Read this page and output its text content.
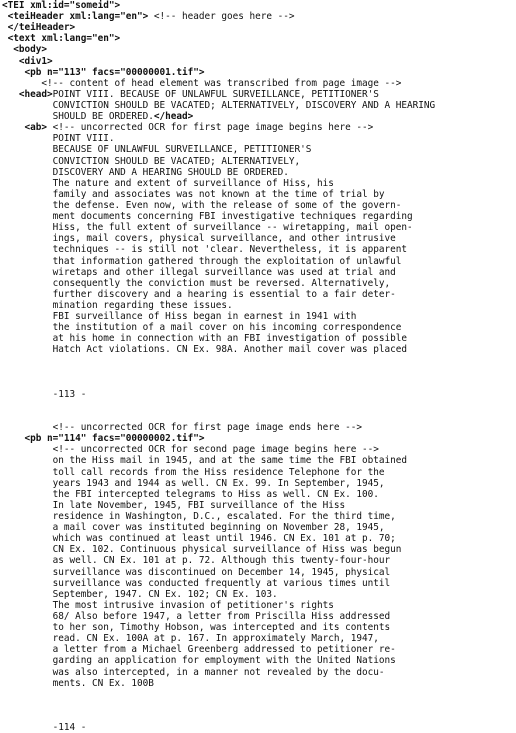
<TEI xml:id="someid">
<teiHeader xml:lang="en"> <!-- header goes here -->
</teiHeader>
<text xml:lang="en">
<body>
<div1>
<pb n="113" facs="00000001.tif">
<!-- content of head element was transcribed from page image -->
<head>POINT VIII. BECAUSE OF UNLAWFUL SURVEILLANCE, PETITIONER'S
CONVICTION SHOULD BE VACATED; ALTERNATIVELY, DISCOVERY AND A HEARING
SHOULD BE ORDERED.</head>
<ab> <!-- uncorrected OCR for first page image begins here -->
POINT VIII.
BECAUSE OF UNLAWFUL SURVEILLANCE, PETITIONER'S
CONVICTION SHOULD BE VACATED; ALTERNATIVELY,
DISCOVERY AND A HEARING SHOULD BE ORDERED.
The nature and extent of surveillance of Hiss, his
family and associates was not known at the time of trial by
the defense. Even now, with the release of some of the govern-
ment documents concerning FBI investigative techniques regarding
Hiss, the full extent of surveillance -- wiretapping, mail open-
ings, mail covers, physical surveillance, and other intrusive
techniques -- is still not 'clear. Nevertheless, it is apparent
that information gathered through the exploitation of unlawful
wiretaps and other illegal surveillance was used at trial and
consequently the conviction must be reversed. Alternatively,
further discovery and a hearing is essential to a fair deter-
mination regarding these issues.
FBI surveillance of Hiss began in earnest in 1941 with
the institution of a mail cover on his incoming correspondence
at his home in connection with an FBI investigation of possible
Hatch Act violations. CN Ex. 98A. Another mail cover was placed
-113 -
<!-- uncorrected OCR for first page image ends here -->
<pb n="114" facs="00000002.tif">
<!-- uncorrected OCR for second page image begins here -->
on the Hiss mail in 1945, and at the same time the FBI obtained
toll call records from the Hiss residence Telephone for the
years 1943 and 1944 as well. CN Ex. 99. In September, 1945,
the FBI intercepted telegrams to Hiss as well. CN Ex. 100.
In late November, 1945, FBI surveillance of the Hiss
residence in Washington, D.C., escalated. For the third time,
a mail cover was instituted beginning on November 28, 1945,
which was continued at least until 1946. CN Ex. 101 at p. 70;
CN Ex. 102. Continuous physical surveillance of Hiss was begun
as well. CN Ex. 101 at p. 72. Although this twenty-four-hour
surveillance was discontinued on December 14, 1945, physical
surveillance was conducted frequently at various times until
September, 1947. CN Ex. 102; CN Ex. 103.
The most intrusive invasion of petitioner's rights
68/ Also before 1947, a letter from Priscilla Hiss addressed
to her son, Timothy Hobson, was intercepted and its contents
read. CN Ex. 100A at p. 167. In approximately March, 1947,
a letter from a Michael Greenberg addressed to petitioner re-
garding an application for employment with the United Nations
was also intercepted, in a manner not revealed by the docu-
ments. CN Ex. 100B
-114 -
